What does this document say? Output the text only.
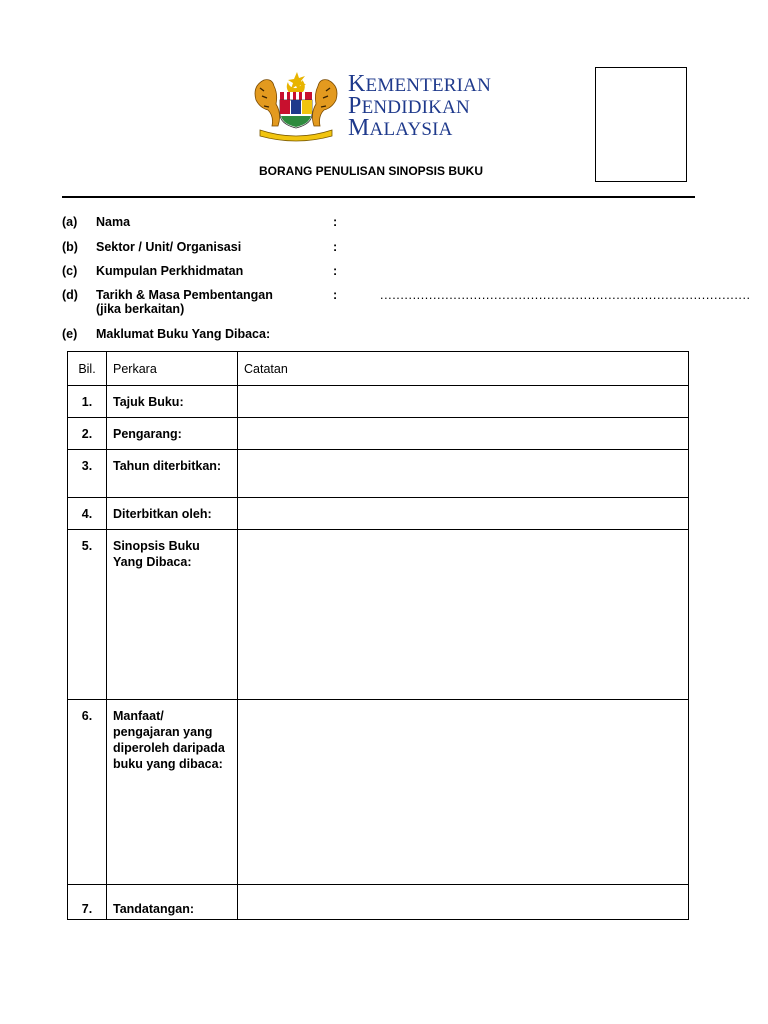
KEMENTERIAN
PENDIDIKAN
MALAYSIA
BORANG PENULISAN SINOPSIS BUKU
(a) Nama	:
(b) Sektor / Unit/ Organisasi	:
(c) Kumpulan Perkhidmatan	:
(d) Tarikh & Masa Pembentangan
(jika berkaitan)
:	...........................................................................................
(e) Maklumat Buku Yang Dibaca:
Bil.	Perkara	Catatan
1.	Tajuk Buku:	
2.	Pengarang:	
3.	Tahun diterbitkan:	
4.	Diterbitkan oleh:	
5.	Sinopsis Buku Yang Dibaca:	
6.	Manfaat/ pengajaran yang diperoleh daripada buku yang dibaca:	
7.	Tandatangan:	
